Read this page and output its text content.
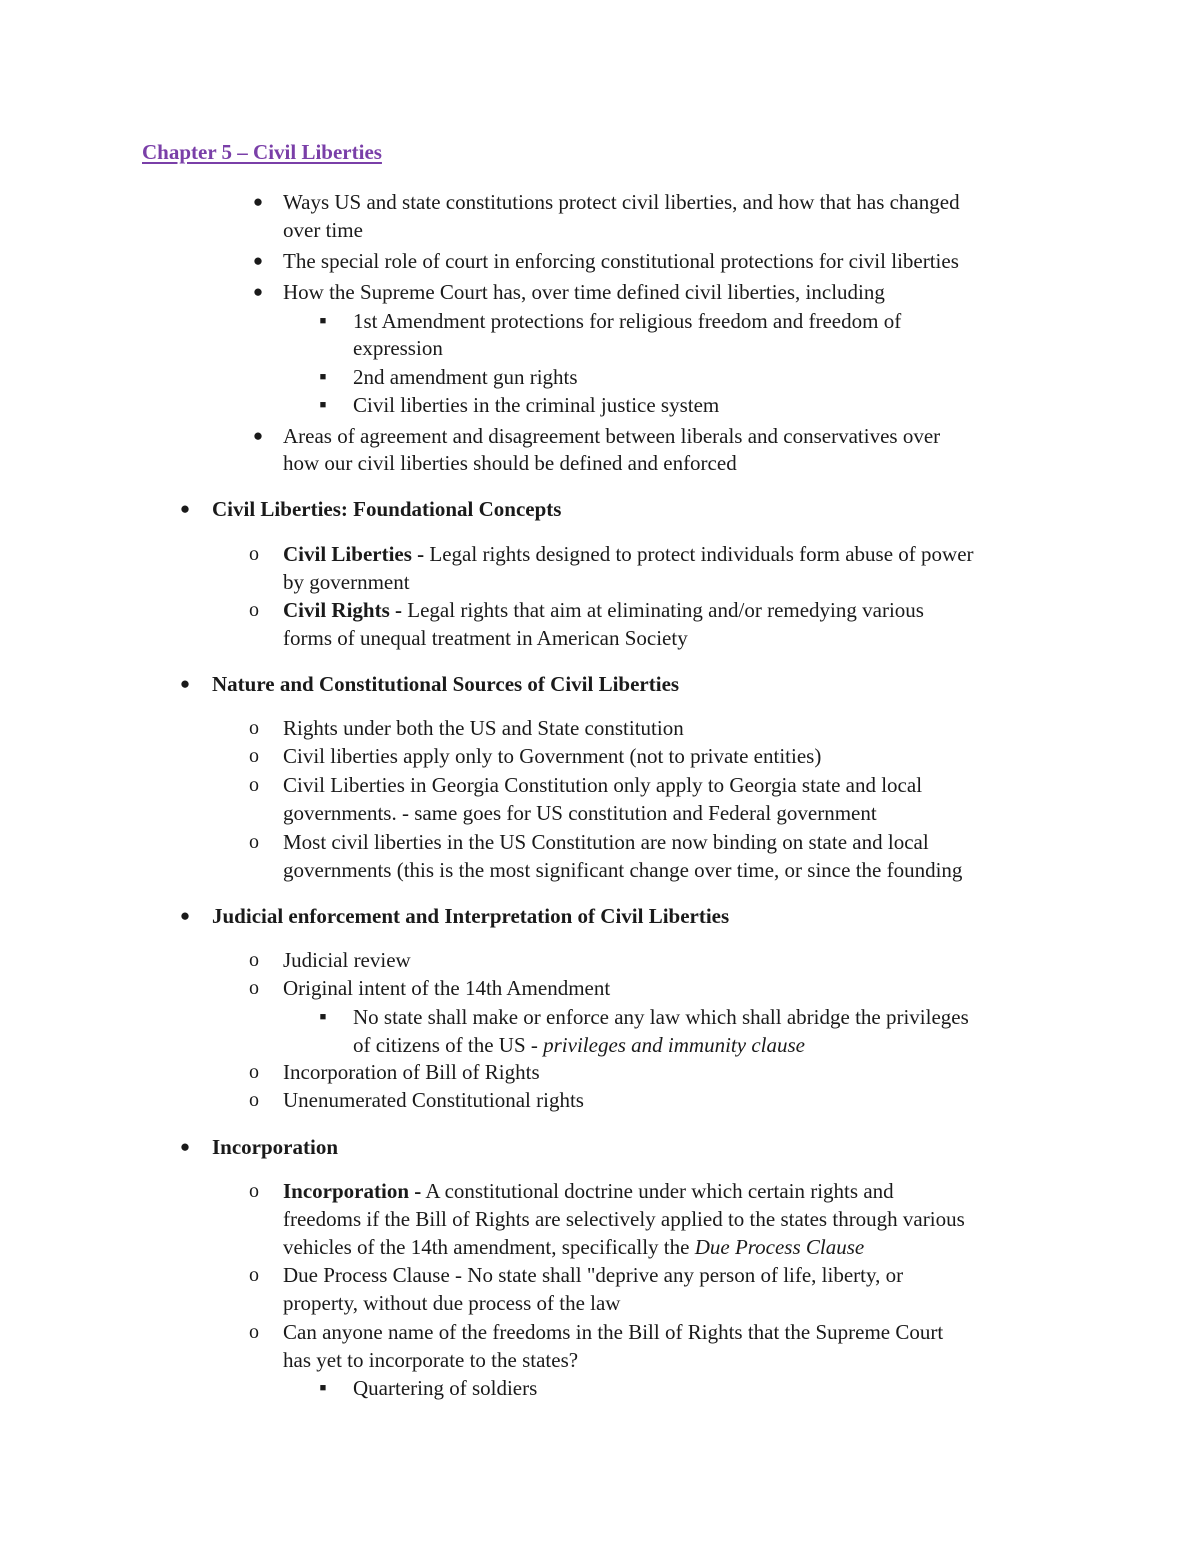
Chapter 5 – Civil Liberties
● Ways US and state constitutions protect civil liberties, and how that has changed
over time
● The special role of court in enforcing constitutional protections for civil liberties
● How the Supreme Court has, over time defined civil liberties, including
■	1st Amendment protections for religious freedom and freedom of
expression
■	2nd amendment gun rights
■	Civil liberties in the criminal justice system
● Areas of agreement and disagreement between liberals and conservatives over
how our civil liberties should be defined and enforced
● Civil Liberties: Foundational Concepts
o Civil Liberties - Legal rights designed to protect individuals form abuse of power
by government
o Civil Rights - Legal rights that aim at eliminating and/or remedying various
forms of unequal treatment in American Society
● Nature and Constitutional Sources of Civil Liberties
o Rights under both the US and State constitution
o Civil liberties apply only to Government (not to private entities)
o Civil Liberties in Georgia Constitution only apply to Georgia state and local
governments. - same goes for US constitution and Federal government
o Most civil liberties in the US Constitution are now binding on state and local
governments (this is the most significant change over time, or since the founding
● Judicial enforcement and Interpretation of Civil Liberties
o Judicial review
o Original intent of the 14th Amendment
■	No state shall make or enforce any law which shall abridge the privileges
of citizens of the US - privileges and immunity clause
o Incorporation of Bill of Rights
o Unenumerated Constitutional rights
● Incorporation
o Incorporation - A constitutional doctrine under which certain rights and
freedoms if the Bill of Rights are selectively applied to the states through various
vehicles of the 14th amendment, specifically the Due Process Clause
o Due Process Clause - No state shall "deprive any person of life, liberty, or
property, without due process of the law
o Can anyone name of the freedoms in the Bill of Rights that the Supreme Court
has yet to incorporate to the states?
■	Quartering of soldiers
